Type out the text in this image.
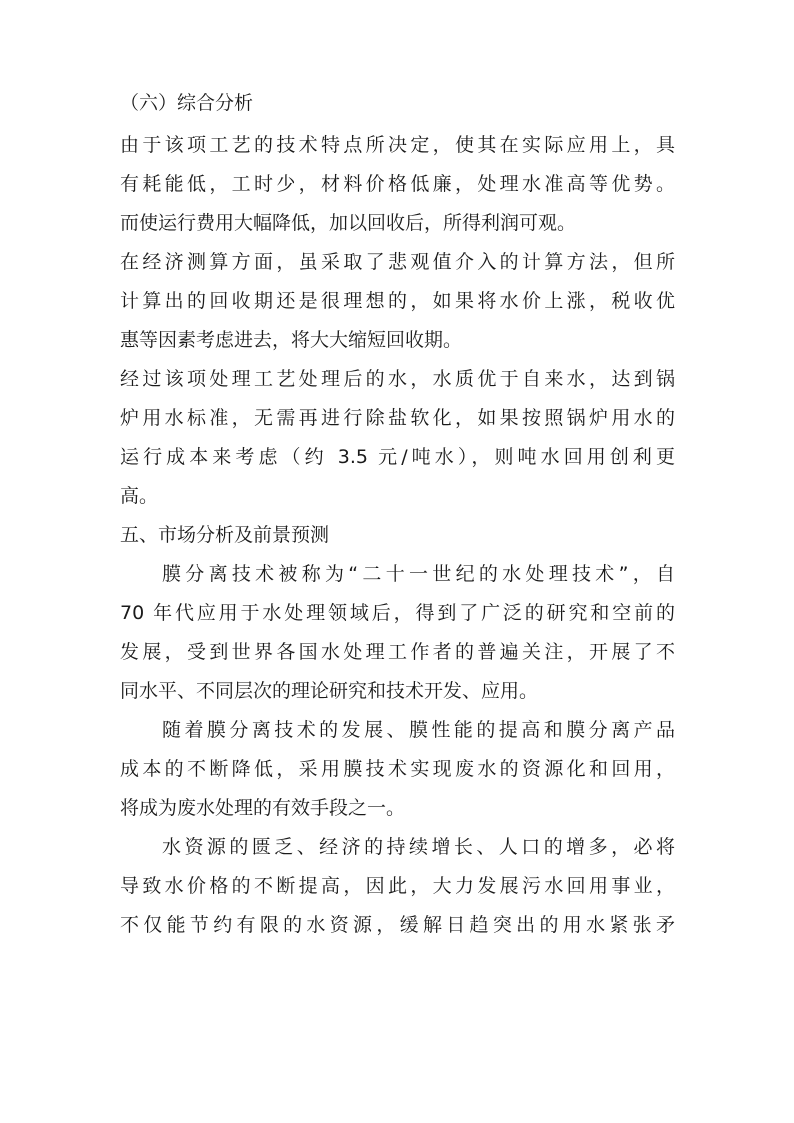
（六）综合分析
由于该项工艺的技术特点所决定，使其在实际应用上，具
有耗能低，工时少，材料价格低廉，处理水准高等优势。
而使运行费用大幅降低，加以回收后，所得利润可观。
在经济测算方面，虽采取了悲观值介入的计算方法，但所
计算出的回收期还是很理想的，如果将水价上涨，税收优
惠等因素考虑进去，将大大缩短回收期。
经过该项处理工艺处理后的水，水质优于自来水，达到锅
炉用水标准，无需再进行除盐软化，如果按照锅炉用水的
运行成本来考虑（约 3.5 元/吨水），则吨水回用创利更
高。
五、市场分析及前景预测
膜分离技术被称为“二十一世纪的水处理技术”，自
70 年代应用于水处理领域后，得到了广泛的研究和空前的
发展，受到世界各国水处理工作者的普遍关注，开展了不
同水平、不同层次的理论研究和技术开发、应用。
随着膜分离技术的发展、膜性能的提高和膜分离产品
成本的不断降低，采用膜技术实现废水的资源化和回用，
将成为废水处理的有效手段之一。
水资源的匮乏、经济的持续增长、人口的增多，必将
导致水价格的不断提高，因此，大力发展污水回用事业，
不仅能节约有限的水资源，缓解日趋突出的用水紧张矛
